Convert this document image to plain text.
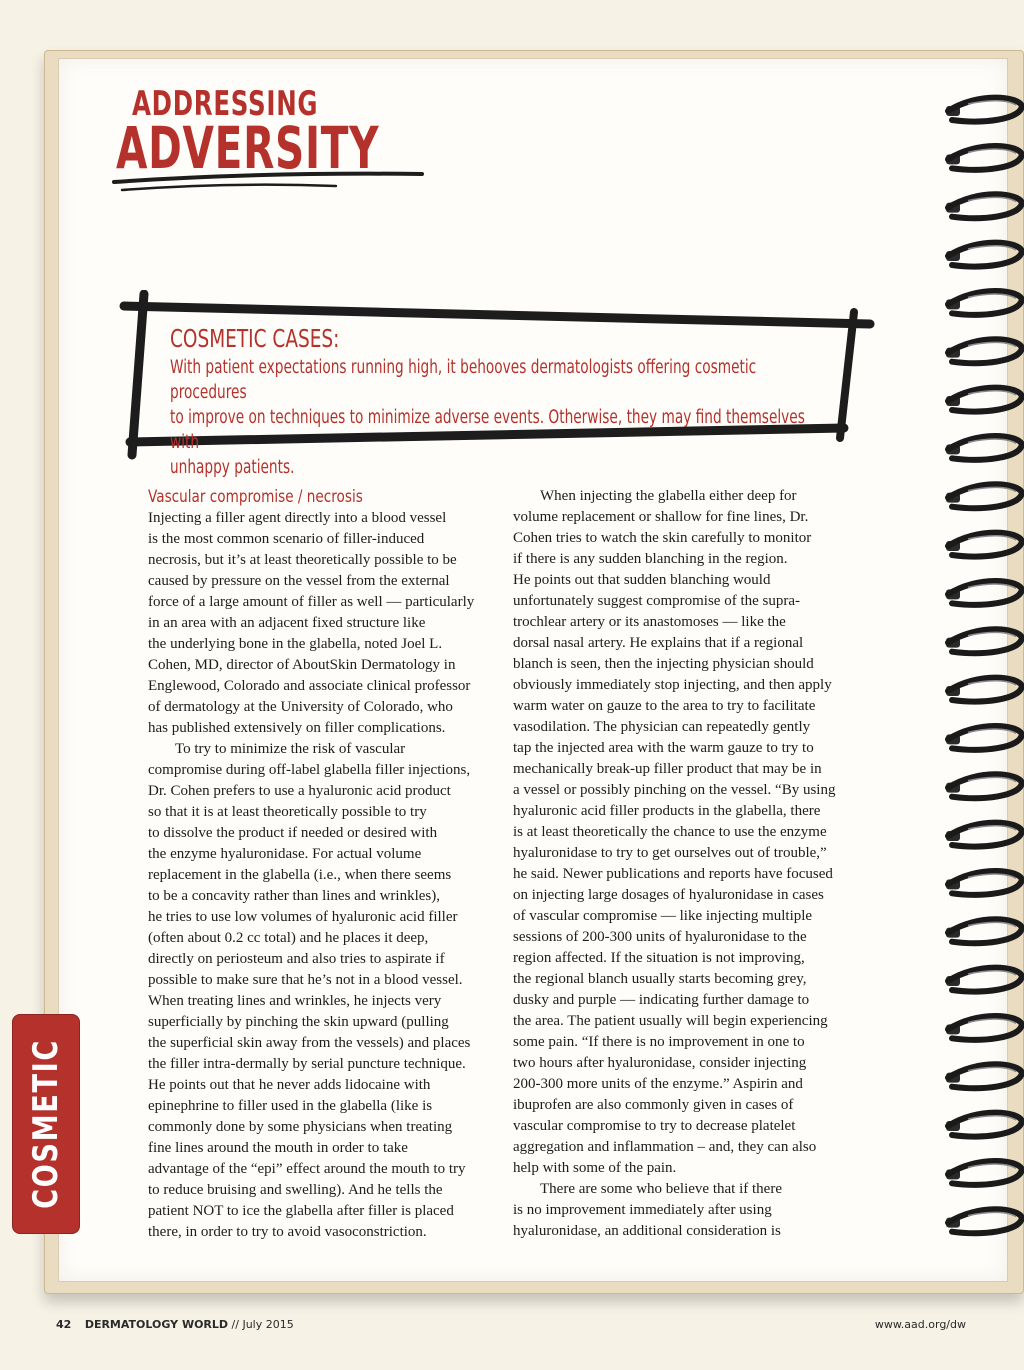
ADDRESSING
ADVERSITY
COSMETIC CASES:
With patient expectations running high, it behooves dermatologists offering cosmetic procedures
to improve on techniques to minimize adverse events. Otherwise, they may find themselves with
unhappy patients.
Vascular compromise / necrosis
Injecting a filler agent directly into a blood vessel
is the most common scenario of filler-induced
necrosis, but it’s at least theoretically possible to be
caused by pressure on the vessel from the external
force of a large amount of filler as well — particularly
in an area with an adjacent fixed structure like
the underlying bone in the glabella, noted Joel L.
Cohen, MD, director of AboutSkin Dermatology in
Englewood, Colorado and associate clinical professor
of dermatology at the University of Colorado, who
has published extensively on filler complications.
To try to minimize the risk of vascular
compromise during off-label glabella filler injections,
Dr. Cohen prefers to use a hyaluronic acid product
so that it is at least theoretically possible to try
to dissolve the product if needed or desired with
the enzyme hyaluronidase. For actual volume
replacement in the glabella (i.e., when there seems
to be a concavity rather than lines and wrinkles),
he tries to use low volumes of hyaluronic acid filler
(often about 0.2 cc total) and he places it deep,
directly on periosteum and also tries to aspirate if
possible to make sure that he’s not in a blood vessel.
When treating lines and wrinkles, he injects very
superficially by pinching the skin upward (pulling
the superficial skin away from the vessels) and places
the filler intra-dermally by serial puncture technique.
He points out that he never adds lidocaine with
epinephrine to filler used in the glabella (like is
commonly done by some physicians when treating
fine lines around the mouth in order to take
advantage of the “epi” effect around the mouth to try
to reduce bruising and swelling). And he tells the
patient NOT to ice the glabella after filler is placed
there, in order to try to avoid vasoconstriction.
When injecting the glabella either deep for
volume replacement or shallow for fine lines, Dr.
Cohen tries to watch the skin carefully to monitor
if there is any sudden blanching in the region.
He points out that sudden blanching would
unfortunately suggest compromise of the supra-
trochlear artery or its anastomoses — like the
dorsal nasal artery. He explains that if a regional
blanch is seen, then the injecting physician should
obviously immediately stop injecting, and then apply
warm water on gauze to the area to try to facilitate
vasodilation. The physician can repeatedly gently
tap the injected area with the warm gauze to try to
mechanically break-up filler product that may be in
a vessel or possibly pinching on the vessel. “By using
hyaluronic acid filler products in the glabella, there
is at least theoretically the chance to use the enzyme
hyaluronidase to try to get ourselves out of trouble,”
he said. Newer publications and reports have focused
on injecting large dosages of hyaluronidase in cases
of vascular compromise — like injecting multiple
sessions of 200-300 units of hyaluronidase to the
region affected. If the situation is not improving,
the regional blanch usually starts becoming grey,
dusky and purple — indicating further damage to
the area. The patient usually will begin experiencing
some pain. “If there is no improvement in one to
two hours after hyaluronidase, consider injecting
200-300 more units of the enzyme.” Aspirin and
ibuprofen are also commonly given in cases of
vascular compromise to try to decrease platelet
aggregation and inflammation – and, they can also
help with some of the pain.
There are some who believe that if there
is no improvement immediately after using
hyaluronidase, an additional consideration is
COSMETIC
42 DERMATOLOGY WORLD // July 2015	www.aad.org/dw
